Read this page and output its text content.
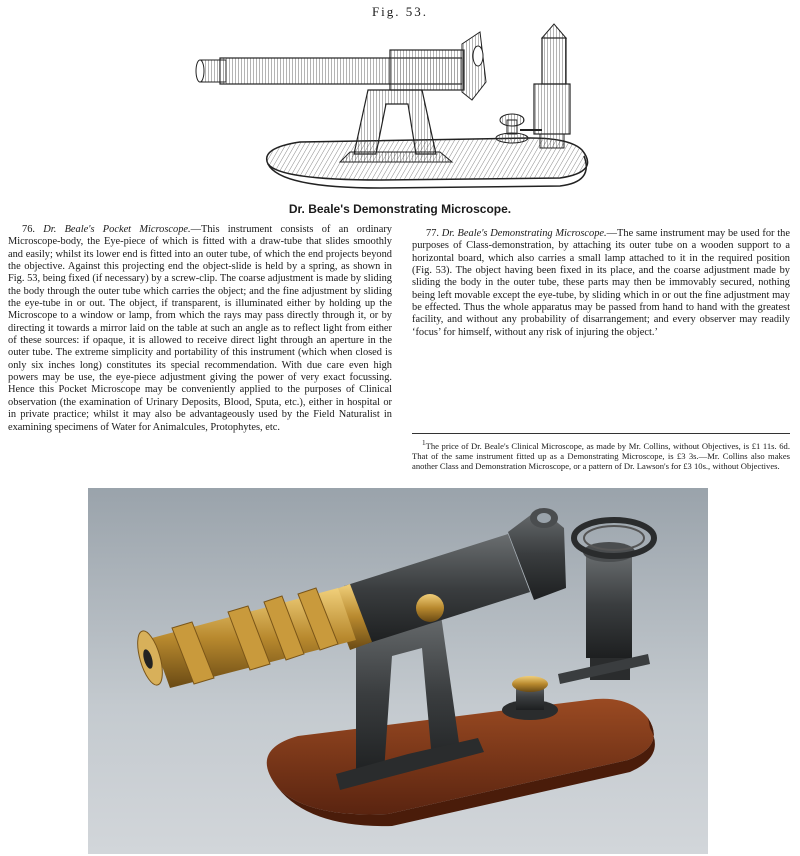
Fig. 53.
Dr. Beale's Demonstrating Microscope.

76. Dr. Beale's Pocket Microscope.—This instrument consists of an ordinary Microscope-body, the Eye-piece of which is fitted with a draw-tube that slides smoothly and easily; whilst its lower end is fitted into an outer tube, of which the end projects beyond the objective. Against this projecting end the object-slide is held by a spring, as shown in Fig. 53, being fixed (if necessary) by a screw-clip. The coarse adjustment is made by sliding the body through the outer tube which carries the object; and the fine adjustment by sliding the eye-tube in or out. The object, if transparent, is illuminated either by holding up the Microscope to a window or lamp, from which the rays may pass directly through it, or by directing it towards a mirror laid on the table at such an angle as to reflect light from either of these sources: if opaque, it is allowed to receive direct light through an aperture in the outer tube. The extreme simplicity and portability of this instrument (which when closed is only six inches long) constitutes its special recommendation. With due care even high powers may be use, the eye-piece adjustment giving the power of very exact focussing. Hence this Pocket Microscope may be conveniently applied to the purposes of Clinical observation (the examination of Urinary Deposits, Blood, Sputa, etc.), either in hospital or in private practice; whilst it may also be advantageously used by the Field Naturalist in examining specimens of Water for Animalcules, Protophytes, etc.

77. Dr. Beale's Demonstrating Microscope.—The same instrument may be used for the purposes of Class-demonstration, by attaching its outer tube on a wooden support to a horizontal board, which also carries a small lamp attached to it in the required position (Fig. 53). The object having been fixed in its place, and the coarse adjustment made by sliding the body in the outer tube, these parts may then be immovably secured, nothing being left movable except the eye-tube, by sliding which in or out the fine adjustment may be effected. Thus the whole apparatus may be passed from hand to hand with the greatest facility, and without any probability of disarrangement; and every observer may readily ‘focus’ for himself, without any risk of injuring the object.’

$^1$The price of Dr. Beale's Clinical Microscope, as made by Mr. Collins, without Objectives, is £1 11s. 6d. That of the same instrument fitted up as a Demonstrating Microscope, is £3 3s.—Mr. Collins also makes another Class and Demonstration Microscope, or a pattern of Dr. Lawson's for £3 10s., without Objectives.
